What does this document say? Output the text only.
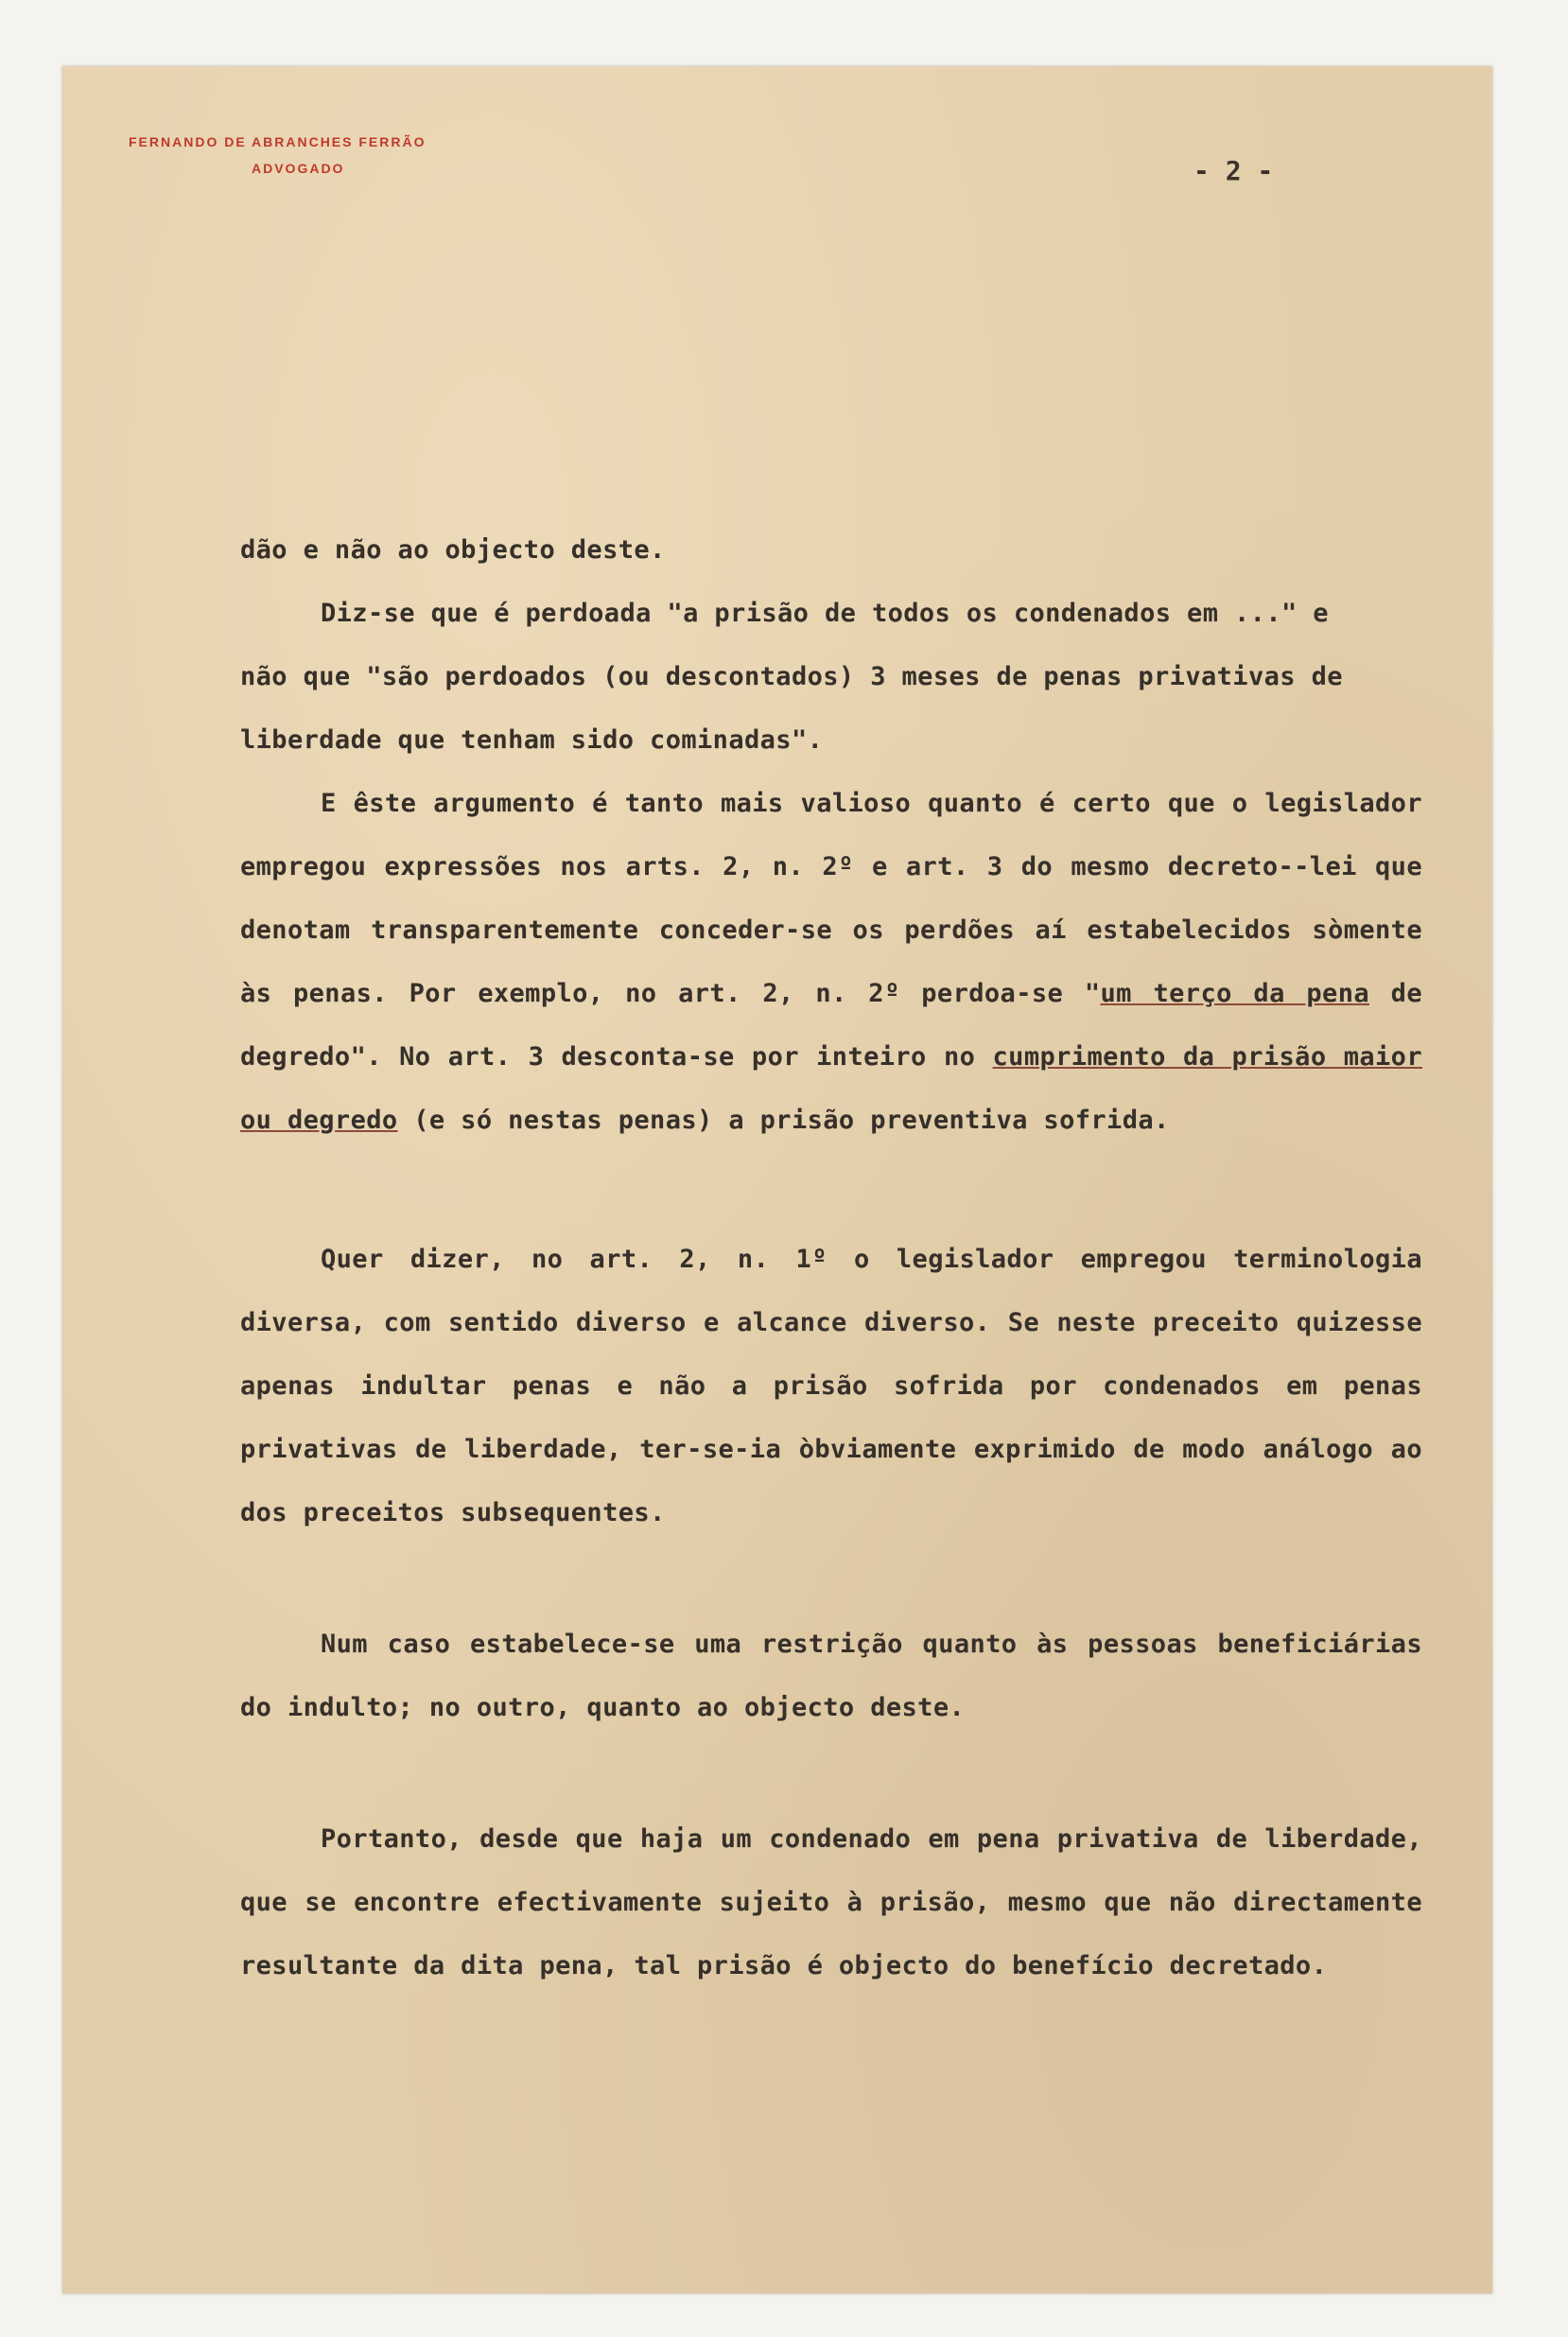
FERNANDO DE ABRANCHES FERRÃO
ADVOGADO	- 2 -

dão e não ao objecto deste.

Diz-se que é perdoada "a prisão de todos os condenados em ..." e
não que "são perdoados (ou descontados) 3 meses de penas privativas de
liberdade que tenham sido cominadas".

E êste argumento é tanto mais valioso quanto é certo que o legislador empregou expressões nos arts. 2, n. 2º e art. 3 do mesmo decreto--lei que denotam transparentemente conceder-se os perdões aí estabelecidos sòmente às penas. Por exemplo, no art. 2, n. 2º perdoa-se "um terço da pena de degredo". No art. 3 desconta-se por inteiro no cumprimento da prisão maior ou degredo (e só nestas penas) a prisão preventiva sofrida.

Quer dizer, no art. 2, n. 1º o legislador empregou terminologia diversa, com sentido diverso e alcance diverso. Se neste preceito quizesse apenas indultar penas e não a prisão sofrida por condenados em penas privativas de liberdade, ter-se-ia òbviamente exprimido de modo análogo ao dos preceitos subsequentes.

Num caso estabelece-se uma restrição quanto às pessoas beneficiárias do indulto; no outro, quanto ao objecto deste.

Portanto, desde que haja um condenado em pena privativa de liberdade, que se encontre efectivamente sujeito à prisão, mesmo que não directamente resultante da dita pena, tal prisão é objecto do benefício decretado.
